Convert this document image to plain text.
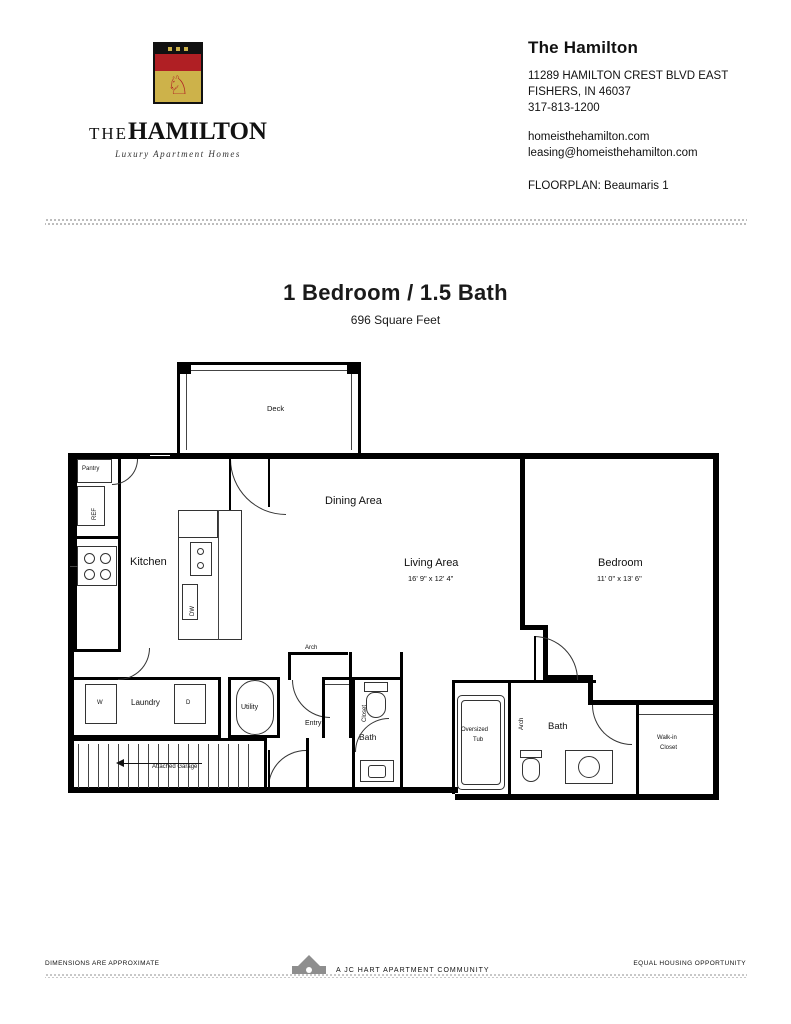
♘
THEHAMILTON
Luxury Apartment Homes
The Hamilton
11289 HAMILTON CREST BLVD EAST
FISHERS, IN 46037
317-813-1200
homeisthehamilton.com
leasing@homeisthehamilton.com
FLOORPLAN: Beaumaris 1
1 Bedroom / 1.5 Bath
696 Square Feet
Deck
Pantry
REF
Kitchen
DW
Dining Area
Living Area
16' 9" x 12' 4"
Bedroom
11' 0" x 13' 6"
W	D
Laundry
Utility
Arch
Entry
Closet
Bath
Oversized
Tub
Arch Bath
Walk-in
Closet
Attached Garage
DIMENSIONS ARE APPROXIMATE
A JC HART APARTMENT COMMUNITY
EQUAL HOUSING OPPORTUNITY
